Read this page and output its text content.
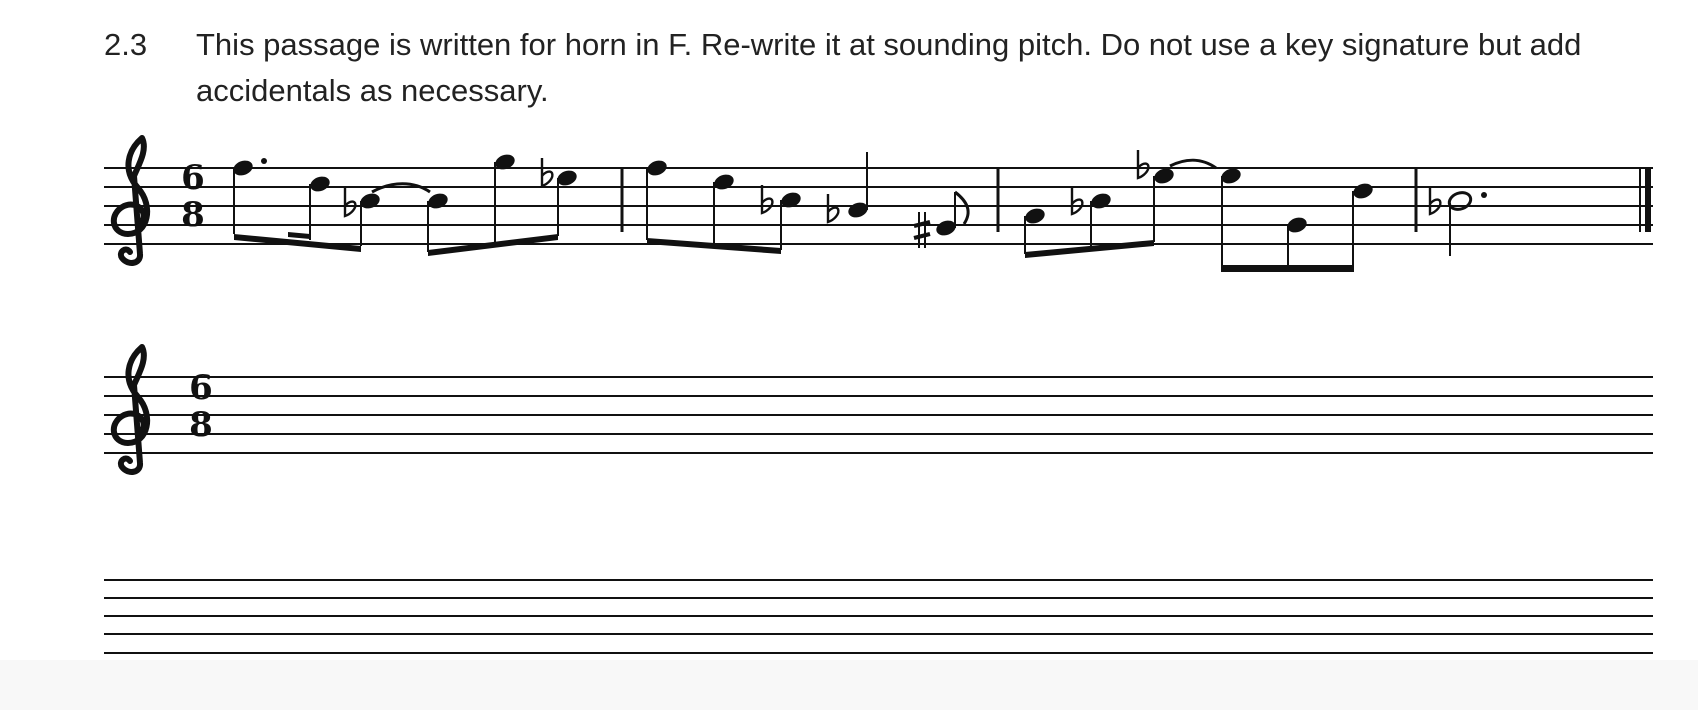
2.3 This passage is written for horn in F. Re-write it at sounding pitch. Do not use a key signature but add accidentals as necessary.
6
8
6
8
